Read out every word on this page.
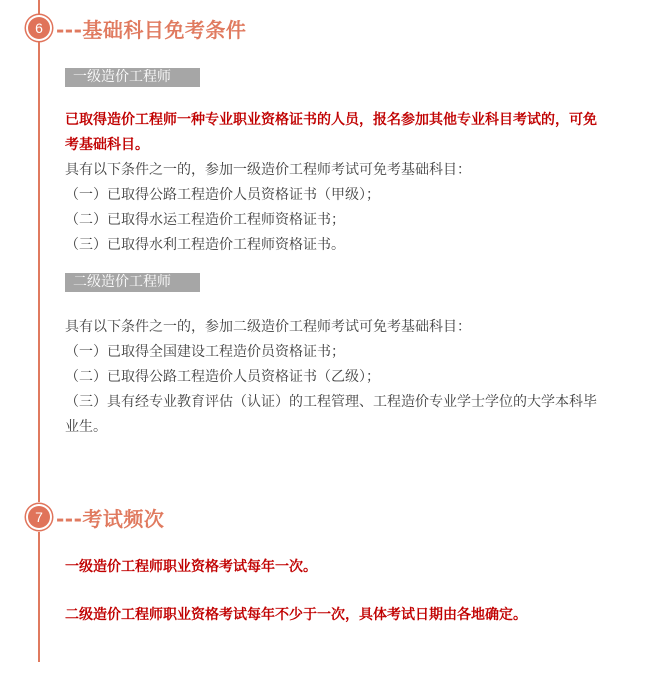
6 ---基础科目免考条件
一级造价工程师

已取得造价工程师一种专业职业资格证书的人员，报名参加其他专业科目考试的，可免考基础科目。

具有以下条件之一的，参加一级造价工程师考试可免考基础科目：

（一）已取得公路工程造价人员资格证书（甲级）；

（二）已取得水运工程造价工程师资格证书；

（三）已取得水利工程造价工程师资格证书。

二级造价工程师

具有以下条件之一的，参加二级造价工程师考试可免考基础科目：

（一）已取得全国建设工程造价员资格证书；

（二）已取得公路工程造价人员资格证书（乙级）；

（三）具有经专业教育评估（认证）的工程管理、工程造价专业学士学位的大学本科毕业生。

7 ---考试频次

一级造价工程师职业资格考试每年一次。

二级造价工程师职业资格考试每年不少于一次，具体考试日期由各地确定。
